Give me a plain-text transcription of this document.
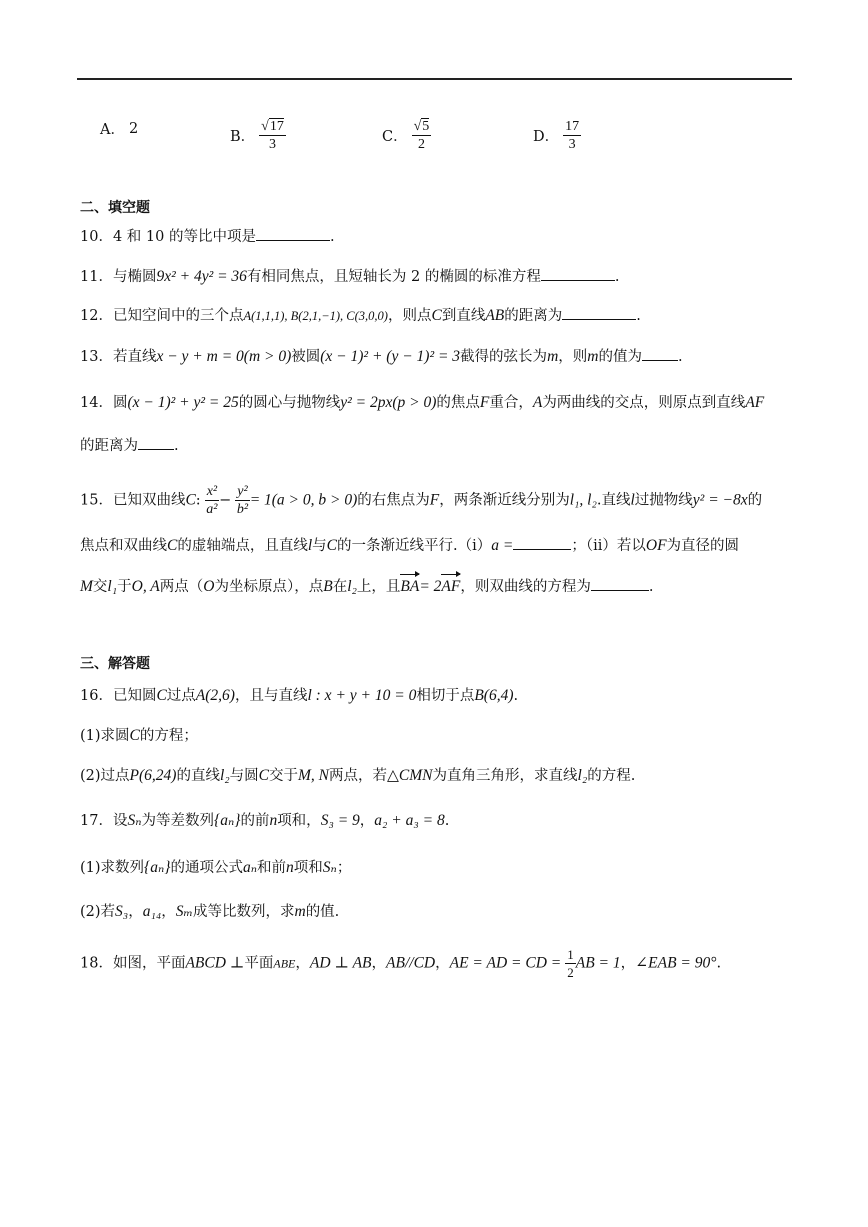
A． 2
B． $\frac{√17}{3}$	C． $\frac{√5}{2}$	D． $\frac{17}{3}$
二、填空题
10．4 和 10 的等比中项是	.
11．与椭圆9x² + 4y² = 36有相同焦点，且短轴长为 2 的椭圆的标准方程	.
12．已知空间中的三个点A(1,1,1), B(2,1,−1), C(3,0,0)，则点C到直线AB的距离为	.
13．若直线x − y + m = 0(m > 0)被圆(x − 1)² + (y − 1)² = 3截得的弦长为m，则m的值为 .
14．圆(x − 1)² + y² = 25的圆心与抛物线y² = 2px(p > 0)的焦点F重合，A为两曲线的交点，则原点到直线AF
的距离为 .
15．已知双曲线C: $\frac{\text{x²}}{\text{a²}} - \frac{\text{y²}}{\text{b²}} = 1(a > 0$, b > 0)的右焦点为F，两条渐近线分别为l₁, l₂.直线l过抛物线y² = −8x的
焦点和双曲线C的虚轴端点，且直线l与C的一条渐近线平行.（i）a =	；（ii）若以OF为直径的圆
M交l₁于O, A两点（O为坐标原点），点B在l₂上，且BA= 2AF，则双曲线的方程为	.
三、解答题
16．已知圆C过点A(2,6)，且与直线l : x + y + 10 = 0相切于点B(6,4).
(1)求圆C的方程；
(2)过点P(6,24)的直线l₂与圆C交于M, N两点，若△CMN为直角三角形，求直线l₂的方程.
17．设Sₙ为等差数列{aₙ}的前n项和，S₃ = 9，a₂ + a₃ = 8.
(1)求数列{aₙ}的通项公式aₙ和前n项和Sₙ；
(2)若S₃，a₁₄，Sₘ成等比数列，求m的值.
18．如图，平面ABCD ⊥平面ABE，AD ⊥ AB，AB//CD，AE = AD = CD = $\frac{1}{2}$ AB = 1，∠EAB = 90°.
